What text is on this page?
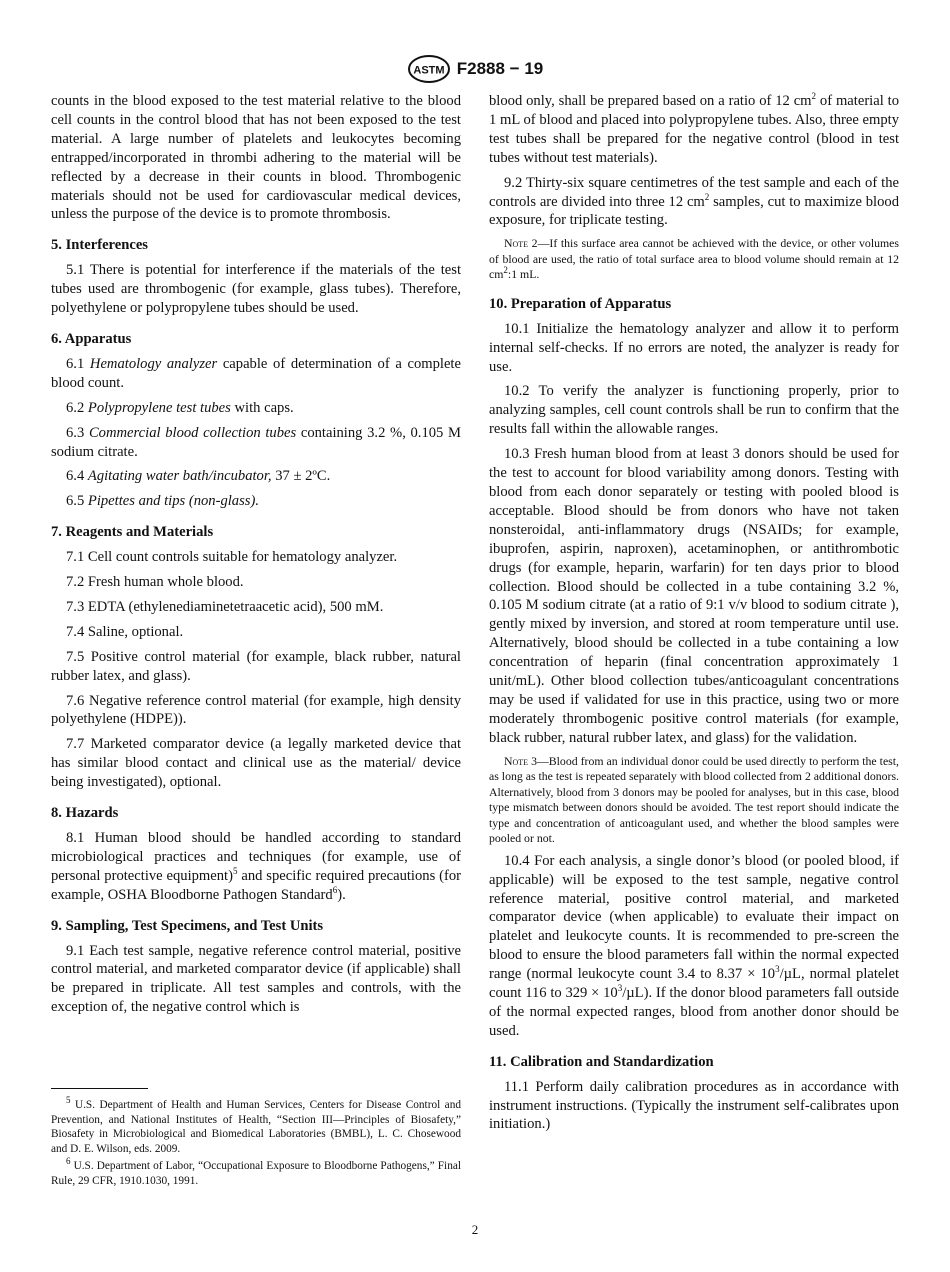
ASTM F2888 − 19

counts in the blood exposed to the test material relative to the blood cell counts in the control blood that has not been exposed to the test material. A large number of platelets and leukocytes becoming entrapped/incorporated in thrombi adhering to the material will be reflected by a decrease in their counts in blood. Thrombogenic materials should not be used for cardiovascular medical devices, unless the purpose of the device is to promote thrombosis.

5. Interferences

5.1 There is potential for interference if the materials of the test tubes used are thrombogenic (for example, glass tubes). Therefore, polyethylene or polypropylene tubes should be used.

6. Apparatus

6.1 Hematology analyzer capable of determination of a complete blood count.

6.2 Polypropylene test tubes with caps.

6.3 Commercial blood collection tubes containing 3.2 %, 0.105 M sodium citrate.

6.4 Agitating water bath/incubator, 37 ± 2ºC.

6.5 Pipettes and tips (non-glass).

7. Reagents and Materials

7.1 Cell count controls suitable for hematology analyzer.

7.2 Fresh human whole blood.

7.3 EDTA (ethylenediaminetetraacetic acid), 500 mM.

7.4 Saline, optional.

7.5 Positive control material (for example, black rubber, natural rubber latex, and glass).

7.6 Negative reference control material (for example, high density polyethylene (HDPE)).

7.7 Marketed comparator device (a legally marketed device that has similar blood contact and clinical use as the material/ device being investigated), optional.

8. Hazards

8.1 Human blood should be handled according to standard microbiological practices and techniques (for example, use of personal protective equipment)$^5$ and specific required precautions (for example, OSHA Bloodborne Pathogen Standard$^6$).

9. Sampling, Test Specimens, and Test Units

9.1 Each test sample, negative reference control material, positive control material, and marketed comparator device (if applicable) shall be prepared in triplicate. All test samples and controls, with the exception of, the negative control which is

blood only, shall be prepared based on a ratio of 12 $cm^2$ of material to 1 mL of blood and placed into polypropylene tubes. Also, three empty test tubes shall be prepared for the negative control (blood in test tubes without test materials).

9.2 Thirty-six square centimetres of the test sample and each of the controls are divided into three 12 $cm^2$ samples, cut to maximize blood exposure, for triplicate testing.

Note 2—If this surface area cannot be achieved with the device, or other volumes of blood are used, the ratio of total surface area to blood volume should remain at 12 $cm^2:1$ mL.

10. Preparation of Apparatus

10.1 Initialize the hematology analyzer and allow it to perform internal self-checks. If no errors are noted, the analyzer is ready for use.

10.2 To verify the analyzer is functioning properly, prior to analyzing samples, cell count controls shall be run to confirm that the results fall within the allowable ranges.

10.3 Fresh human blood from at least 3 donors should be used for the test to account for blood variability among donors. Testing with blood from each donor separately or testing with pooled blood is acceptable. Blood should be from donors who have not taken nonsteroidal, anti-inflammatory drugs (NSAIDs; for example, ibuprofen, aspirin, naproxen), acetaminophen, or antithrombotic drugs (for example, heparin, warfarin) for ten days prior to blood collection. Blood should be collected in a tube containing 3.2 %, 0.105 M sodium citrate (at a ratio of 9:1 v/v blood to sodium citrate ), gently mixed by inversion, and stored at room temperature until use. Alternatively, blood should be collected in a tube containing a low concentration of heparin (final concentration approximately 1 unit/mL). Other blood collection tubes/anticoagulant concentrations may be used if validated for use in this practice, using two or more moderately thrombogenic positive control materials (for example, black rubber, natural rubber latex, and glass) for the validation.

Note 3—Blood from an individual donor could be used directly to perform the test, as long as the test is repeated separately with blood collected from 2 additional donors. Alternatively, blood from 3 donors may be pooled for analyses, but in this case, blood type mismatch between donors should be avoided. The test report should indicate the type and concentration of anticoagulant used, and whether the blood samples were pooled or not.

10.4 For each analysis, a single donor’s blood (or pooled blood, if applicable) will be exposed to the test sample, negative control reference material, positive control material, and marketed comparator device (when applicable) to evaluate their impact on platelet and leukocyte counts. It is recommended to pre-screen the blood to ensure the blood parameters fall within the normal expected range (normal leukocyte count 3.4 to $8.37 \times 10^3/\mu L$, normal platelet count 116 to $329 \times 10^3/\mu L$). If the donor blood parameters fall outside of the normal expected ranges, blood from another donor should be used.

11. Calibration and Standardization

11.1 Perform daily calibration procedures as in accordance with instrument instructions. (Typically the instrument self-calibrates upon initiation.)

$^5$ U.S. Department of Health and Human Services, Centers for Disease Control and Prevention, and National Institutes of Health, “Section III—Principles of Biosafety,” Biosafety in Microbiological and Biomedical Laboratories (BMBL), L. C. Chosewood and D. E. Wilson, eds. 2009.

$^6$ U.S. Department of Labor, “Occupational Exposure to Bloodborne Pathogens,” Final Rule, 29 CFR, 1910.1030, 1991.

2
